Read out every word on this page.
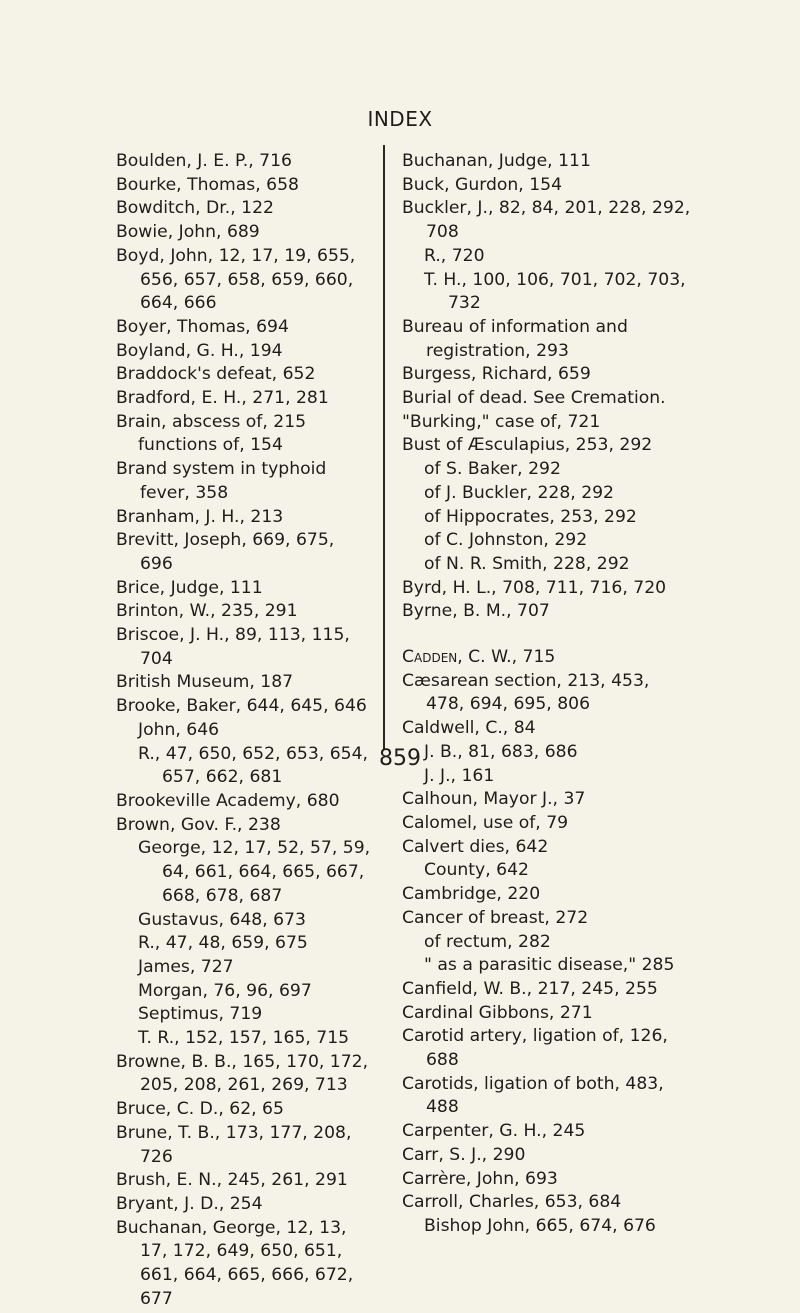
INDEX

Boulden, J. E. P., 716

Bourke, Thomas, 658

Bowditch, Dr., 122

Bowie, John, 689

Boyd, John, 12, 17, 19, 655, 656, 657, 658, 659, 660, 664, 666

Boyer, Thomas, 694

Boyland, G. H., 194

Braddock's defeat, 652

Bradford, E. H., 271, 281

Brain, abscess of, 215

functions of, 154

Brand system in typhoid fever, 358

Branham, J. H., 213

Brevitt, Joseph, 669, 675, 696

Brice, Judge, 111

Brinton, W., 235, 291

Briscoe, J. H., 89, 113, 115, 704

British Museum, 187

Brooke, Baker, 644, 645, 646

John, 646

R., 47, 650, 652, 653, 654, 657, 662, 681

Brookeville Academy, 680

Brown, Gov. F., 238

George, 12, 17, 52, 57, 59, 64, 661, 664, 665, 667, 668, 678, 687

Gustavus, 648, 673

R., 47, 48, 659, 675

James, 727

Morgan, 76, 96, 697

Septimus, 719

T. R., 152, 157, 165, 715

Browne, B. B., 165, 170, 172, 205, 208, 261, 269, 713

Bruce, C. D., 62, 65

Brune, T. B., 173, 177, 208, 726

Brush, E. N., 245, 261, 291

Bryant, J. D., 254

Buchanan, George, 12, 13, 17, 172, 649, 650, 651, 661, 664, 665, 666, 672, 677

Buchanan, Judge, 111

Buck, Gurdon, 154

Buckler, J., 82, 84, 201, 228, 292, 708

R., 720

T. H., 100, 106, 701, 702, 703, 732

Bureau of information and registration, 293

Burgess, Richard, 659

Burial of dead. See Cremation.

"Burking," case of, 721

Bust of Æsculapius, 253, 292

of S. Baker, 292

of J. Buckler, 228, 292

of Hippocrates, 253, 292

of C. Johnston, 292

of N. R. Smith, 228, 292

Byrd, H. L., 708, 711, 716, 720

Byrne, B. M., 707

Cadden, C. W., 715

Cæsarean section, 213, 453, 478, 694, 695, 806

Caldwell, C., 84

J. B., 81, 683, 686

J. J., 161

Calhoun, Mayor J., 37

Calomel, use of, 79

Calvert dies, 642

County, 642

Cambridge, 220

Cancer of breast, 272

of rectum, 282

" as a parasitic disease," 285

Canfield, W. B., 217, 245, 255

Cardinal Gibbons, 271

Carotid artery, ligation of, 126, 688

Carotids, ligation of both, 483, 488

Carpenter, G. H., 245

Carr, S. J., 290

Carrère, John, 693

Carroll, Charles, 653, 684

Bishop John, 665, 674, 676

859
